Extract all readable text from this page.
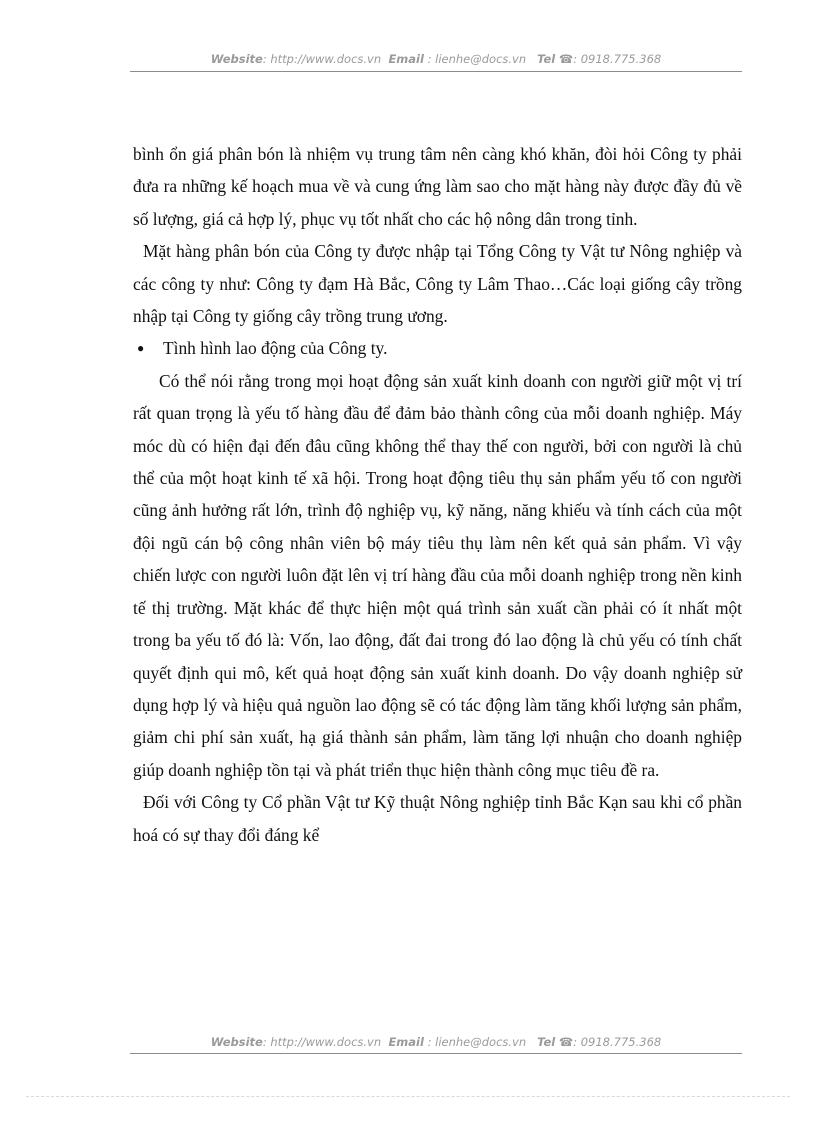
Website: http://www.docs.vn Email : lienhe@docs.vn Tel ☎: 0918.775.368

bình ổn giá phân bón là nhiệm vụ trung tâm nên càng khó khăn, đòi hỏi Công ty phải đưa ra những kế hoạch mua về và cung ứng làm sao cho mặt hàng này được đầy đủ về số lượng, giá cả hợp lý, phục vụ tốt nhất cho các hộ nông dân trong tỉnh.

Mặt hàng phân bón của Công ty được nhập tại Tổng Công ty Vật tư Nông nghiệp và các công ty như: Công ty đạm Hà Bắc, Công ty Lâm Thao…Các loại giống cây trồng nhập tại Công ty giống cây trồng trung ương.

● Tình hình lao động của Công ty.

Có thể nói rằng trong mọi hoạt động sản xuất kinh doanh con người giữ một vị trí rất quan trọng là yếu tố hàng đầu để đảm bảo thành công của mỗi doanh nghiệp. Máy móc dù có hiện đại đến đâu cũng không thể thay thế con người, bởi con người là chủ thể của một hoạt kinh tế xã hội. Trong hoạt động tiêu thụ sản phẩm yếu tố con người cũng ảnh hưởng rất lớn, trình độ nghiệp vụ, kỹ năng, năng khiếu và tính cách của một đội ngũ cán bộ công nhân viên bộ máy tiêu thụ làm nên kết quả sản phẩm. Vì vậy chiến lược con người luôn đặt lên vị trí hàng đầu của mỗi doanh nghiệp trong nền kinh tế thị trường. Mặt khác để thực hiện một quá trình sản xuất cần phải có ít nhất một trong ba yếu tố đó là: Vốn, lao động, đất đai trong đó lao động là chủ yếu có tính chất quyết định qui mô, kết quả hoạt động sản xuất kinh doanh. Do vậy doanh nghiệp sử dụng hợp lý và hiệu quả nguồn lao động sẽ có tác động làm tăng khối lượng sản phẩm, giảm chi phí sản xuất, hạ giá thành sản phẩm, làm tăng lợi nhuận cho doanh nghiệp giúp doanh nghiệp tồn tại và phát triển thục hiện thành công mục tiêu đề ra.

Đối với Công ty Cổ phần Vật tư Kỹ thuật Nông nghiệp tỉnh Bắc Kạn sau khi cổ phần hoá có sự thay đổi đáng kể

Website: http://www.docs.vn Email : lienhe@docs.vn Tel ☎: 0918.775.368
